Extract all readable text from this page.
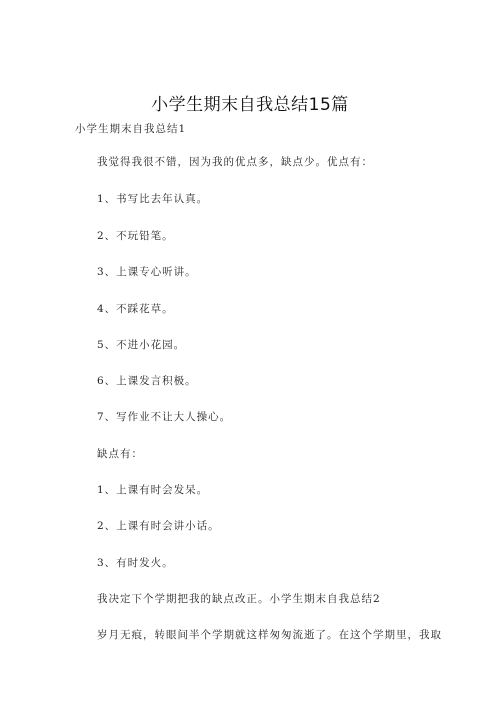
小学生期末自我总结15篇
小学生期末自我总结1
我觉得我很不错，因为我的优点多，缺点少。优点有：
1、书写比去年认真。
2、不玩铅笔。
3、上课专心听讲。
4、不踩花草。
5、不进小花园。
6、上课发言积极。
7、写作业不让大人操心。
缺点有：
1、上课有时会发呆。
2、上课有时会讲小话。
3、有时发火。
我决定下个学期把我的缺点改正。小学生期末自我总结2
岁月无痕，转眼间半个学期就这样匆匆流逝了。在这个学期里，我取
